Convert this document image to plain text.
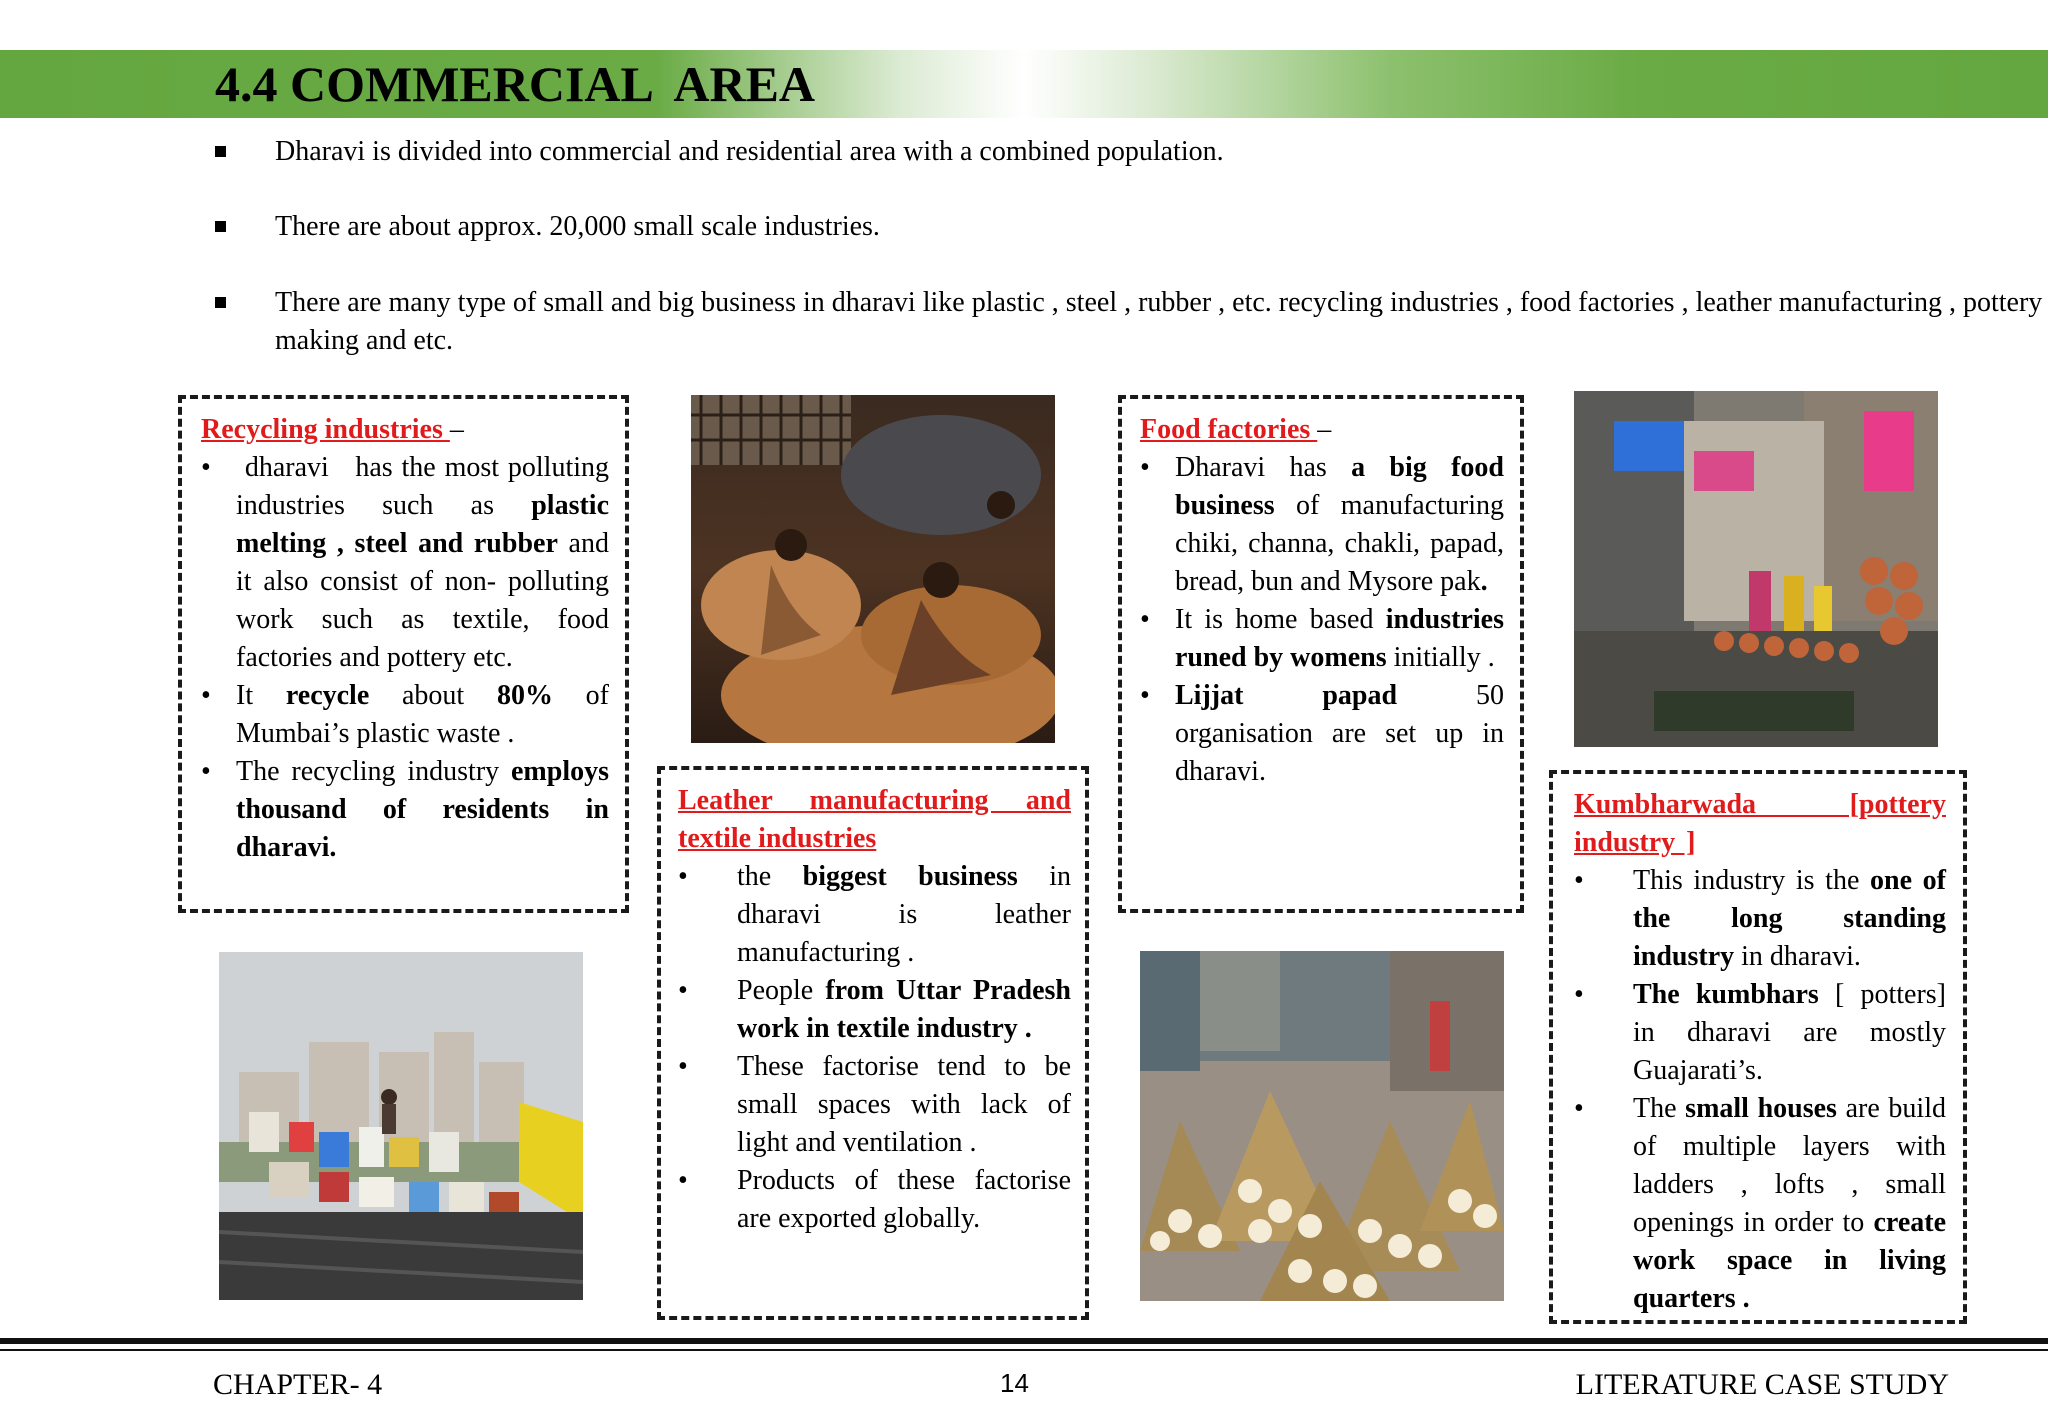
4.4 COMMERCIAL  AREA
Dharavi is divided into commercial and residential area with a combined population.
There are about approx. 20,000 small scale industries.
There are many type of small and big business in dharavi like plastic , steel , rubber , etc. recycling industries , food factories , leather manufacturing , pottery making and etc.
Recycling industries –
• dharavi   has the most polluting industries such as plastic melting , steel and rubber and it also consist of non- polluting work such as textile, food factories and pottery etc.
• It recycle about 80% of Mumbai’s plastic waste .
• The recycling industry employs thousand of residents in dharavi.
Leather manufacturing and textile industries
• the biggest business in dharavi is leather manufacturing .
• People from Uttar Pradesh work in textile industry .
• These factorise tend to be small spaces with lack of light and ventilation .
• Products of these factorise are exported globally.
Food factories –
• Dharavi has a big food business of manufacturing chiki, channa, chakli, papad, bread, bun and Mysore pak.
• It is home based industries runed by womens initially .
• Lijjat papad 50 organisation are set up in dharavi.
Kumbharwada [pottery industry ]
• This industry is the one of the long standing industry in dharavi.
• The kumbhars [ potters] in dharavi are mostly Guajarati’s.
• The small houses are build of multiple layers with ladders , lofts , small openings in order to create work space in living quarters .
CHAPTER- 4	14	LITERATURE CASE STUDY
